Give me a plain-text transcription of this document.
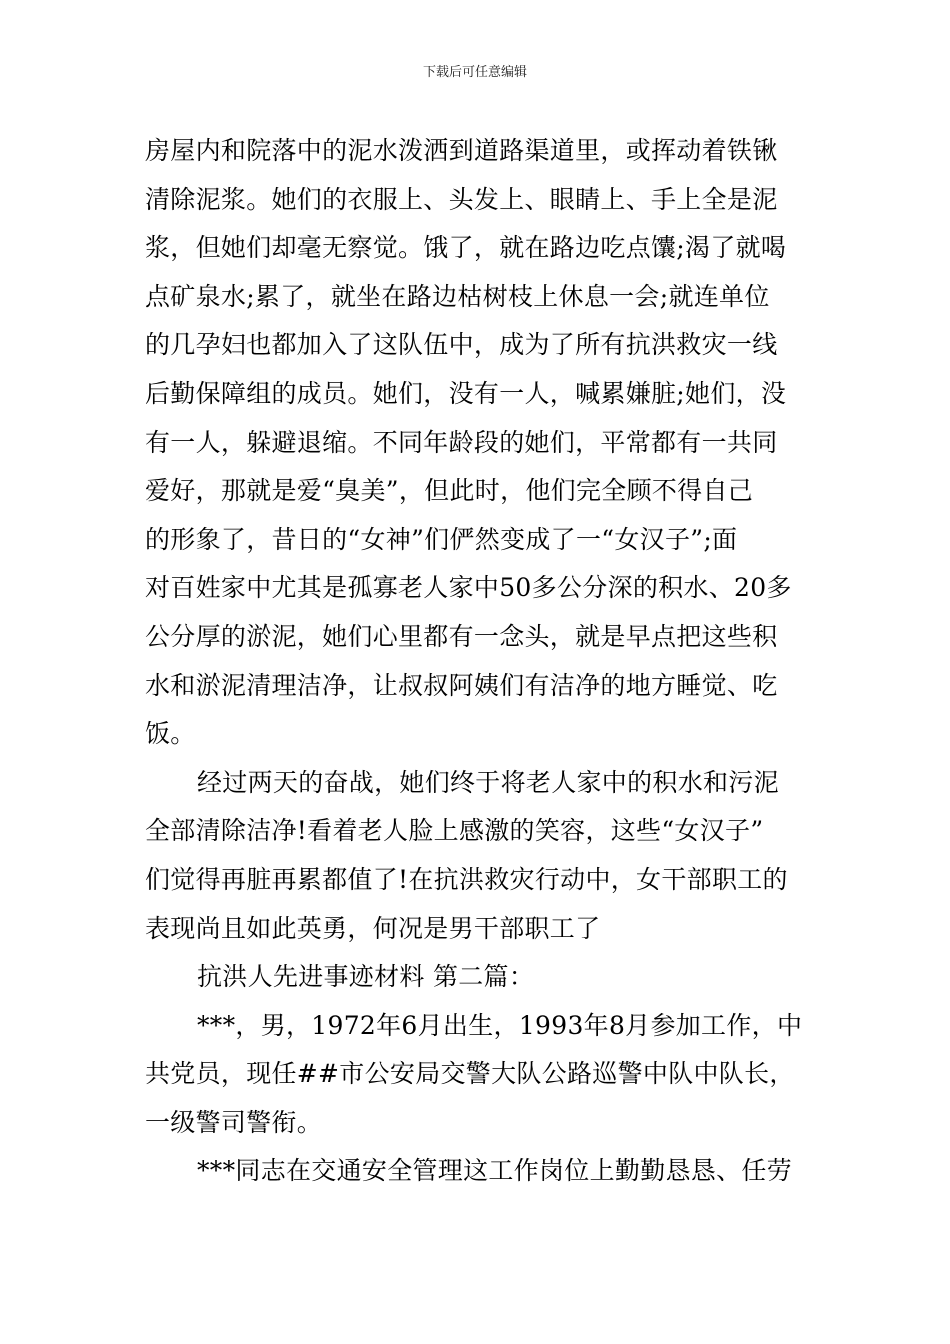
下载后可任意编辑
房屋内和院落中的泥水泼洒到道路渠道里，或挥动着铁锹
清除泥浆。她们的衣服上、头发上、眼睛上、手上全是泥
浆，但她们却毫无察觉。饿了，就在路边吃点馕;渴了就喝
点矿泉水;累了，就坐在路边枯树枝上休息一会;就连单位
的几孕妇也都加入了这队伍中，成为了所有抗洪救灾一线
后勤保障组的成员。她们，没有一人，喊累嫌脏;她们，没
有一人，躲避退缩。不同年龄段的她们，平常都有一共同
爱好，那就是爱“臭美”，但此时，他们完全顾不得自己
的形象了，昔日的“女神”们俨然变成了一“女汉子”;面
对百姓家中尤其是孤寡老人家中50多公分深的积水、20多
公分厚的淤泥，她们心里都有一念头，就是早点把这些积
水和淤泥清理洁净，让叔叔阿姨们有洁净的地方睡觉、吃
饭。
经过两天的奋战，她们终于将老人家中的积水和污泥
全部清除洁净!看着老人脸上感激的笑容，这些“女汉子”
们觉得再脏再累都值了!在抗洪救灾行动中，女干部职工的
表现尚且如此英勇，何况是男干部职工了
抗洪人先进事迹材料 第二篇：
***，男，1972年6月出生，1993年8月参加工作，中
共党员，现任##市公安局交警大队公路巡警中队中队长，
一级警司警衔。
***同志在交通安全管理这工作岗位上勤勤恳恳、任劳
